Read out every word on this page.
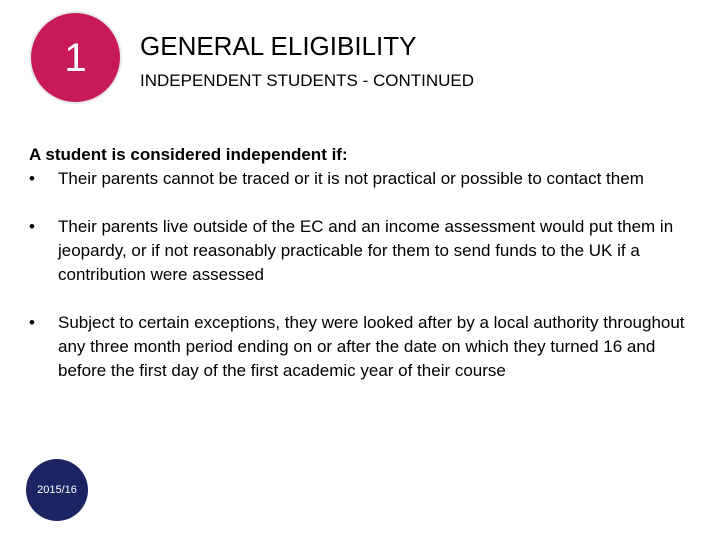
1	GENERAL ELIGIBILITY
INDEPENDENT STUDENTS - CONTINUED

A student is considered independent if:

• Their parents cannot be traced or it is not practical or possible to contact them
• Their parents live outside of the EC and an income assessment would put them in jeopardy, or if not reasonably practicable for them to send funds to the UK if a contribution were assessed
• Subject to certain exceptions, they were looked after by a local authority throughout any three month period ending on or after the date on which they turned 16 and before the first day of the first academic year of their course
2015/16
